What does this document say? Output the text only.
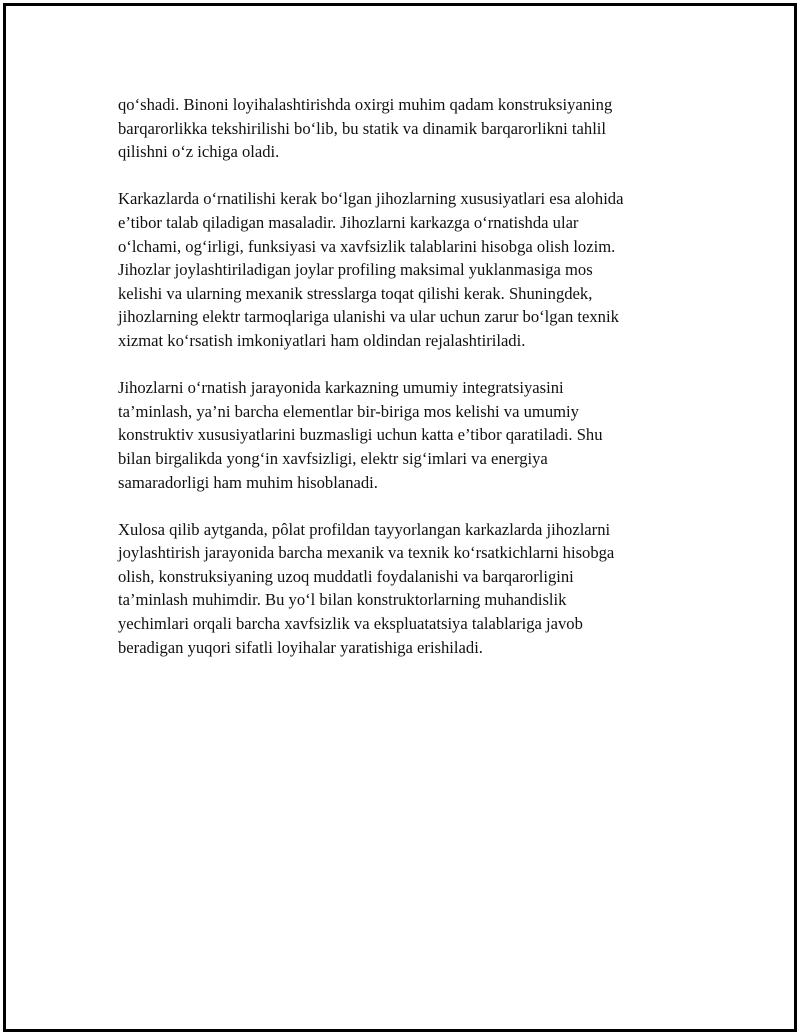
qo‘shadi. Binoni loyihalashtirishda oxirgi muhim qadam konstruksiyaning
barqarorlikka tekshirilishi bo‘lib, bu statik va dinamik barqarorlikni tahlil
qilishni o‘z ichiga oladi.

Karkazlarda o‘rnatilishi kerak bo‘lgan jihozlarning xususiyatlari esa alohida
e’tibor talab qiladigan masaladir. Jihozlarni karkazga o‘rnatishda ular
o‘lchami, og‘irligi, funksiyasi va xavfsizlik talablarini hisobga olish lozim.
Jihozlar joylashtiriladigan joylar profiling maksimal yuklanmasiga mos
kelishi va ularning mexanik stresslarga toqat qilishi kerak. Shuningdek,
jihozlarning elektr tarmoqlariga ulanishi va ular uchun zarur bo‘lgan texnik
xizmat ko‘rsatish imkoniyatlari ham oldindan rejalashtiriladi.

Jihozlarni o‘rnatish jarayonida karkazning umumiy integratsiyasini
ta’minlash, ya’ni barcha elementlar bir-biriga mos kelishi va umumiy
konstruktiv xususiyatlarini buzmasligi uchun katta e’tibor qaratiladi. Shu
bilan birgalikda yong‘in xavfsizligi, elektr sig‘imlari va energiya
samaradorligi ham muhim hisoblanadi.

Xulosa qilib aytganda, pôlat profildan tayyorlangan karkazlarda jihozlarni
joylashtirish jarayonida barcha mexanik va texnik ko‘rsatkichlarni hisobga
olish, konstruksiyaning uzoq muddatli foydalanishi va barqarorligini
ta’minlash muhimdir. Bu yo‘l bilan konstruktorlarning muhandislik
yechimlari orqali barcha xavfsizlik va ekspluatatsiya talablariga javob
beradigan yuqori sifatli loyihalar yaratishiga erishiladi.
